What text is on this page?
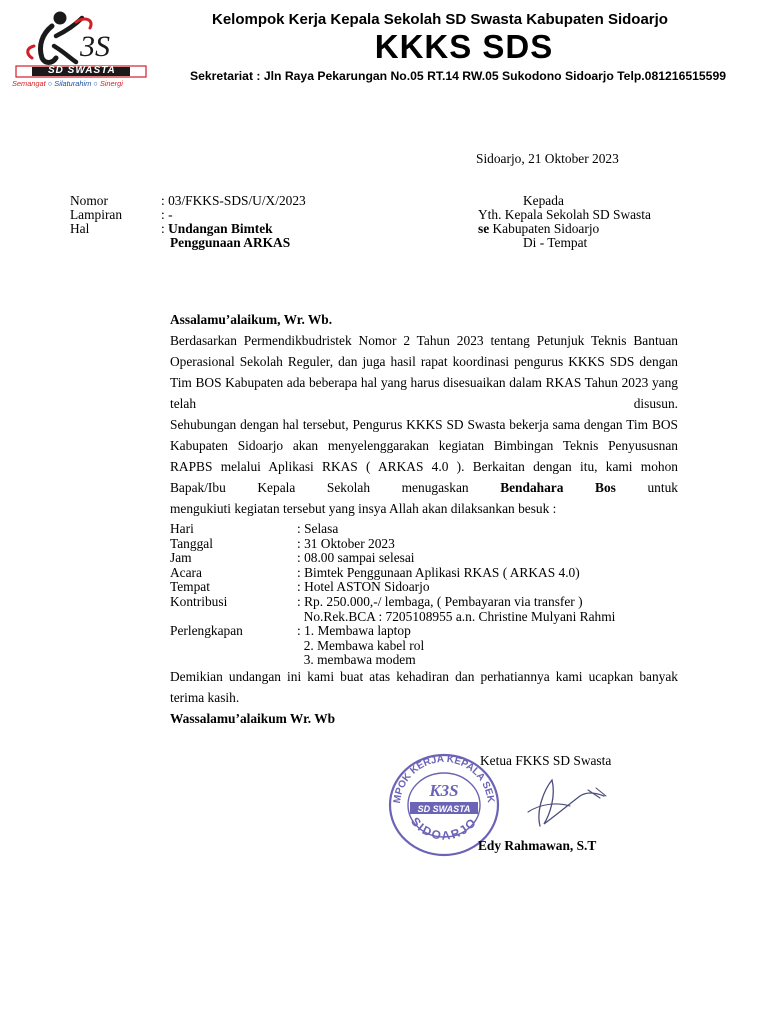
3S
SD SWASTA
Semangat ○ Silaturahim ○ Sinergi
Kelompok Kerja Kepala Sekolah SD Swasta Kabupaten Sidoarjo
KKKS SDS
Sekretariat : Jln Raya Pekarungan No.05 RT.14 RW.05 Sukodono Sidoarjo Telp.081216515599
Sidoarjo, 21 Oktober 2023
Nomor	: 03/FKKS-SDS/U/X/2023
Lampiran	: -
Hal	: Undangan Bimtek
Penggunaan ARKAS
Kepada
Yth. Kepala Sekolah SD Swasta
se Kabupaten Sidoarjo
Di - Tempat
Assalamu’alaikum, Wr. Wb.
Berdasarkan Permendikbudristek Nomor 2 Tahun 2023 tentang Petunjuk Teknis Bantuan Operasional Sekolah Reguler, dan juga hasil rapat koordinasi pengurus KKKS SDS dengan Tim BOS Kabupaten ada beberapa hal yang harus disesuaikan dalam RKAS Tahun 2023 yang telah disusun.
Sehubungan dengan hal tersebut, Pengurus KKKS SD Swasta bekerja sama dengan Tim BOS Kabupaten Sidoarjo akan menyelenggarakan kegiatan Bimbingan Teknis Penyususnan RAPBS melalui Aplikasi RKAS ( ARKAS 4.0 ). Berkaitan dengan itu, kami mohon Bapak/Ibu Kepala Sekolah menugaskan Bendahara Bos untuk
mengukiuti kegiatan tersebut yang insya Allah akan dilaksankan besuk :
Hari	: Selasa
Tanggal	: 31 Oktober 2023
Jam	: 08.00 sampai selesai
Acara	: Bimtek Penggunaan Aplikasi RKAS ( ARKAS 4.0)
Tempat	: Hotel ASTON Sidoarjo
Kontribusi	: Rp. 250.000,-/ lembaga, ( Pembayaran via transfer )
No.Rek.BCA : 7205108955 a.n. Christine Mulyani Rahmi
Perlengkapan	: 1. Membawa laptop
2. Membawa kabel rol
3. membawa modem
Demikian undangan ini kami buat atas kehadiran dan perhatiannya kami ucapkan banyak terima kasih.
Wassalamu’alaikum Wr. Wb
MPOK KERJA KEPALA SEK
SIDOARJO
K3S
SD SWASTA
Ketua FKKS SD Swasta
Edy Rahmawan, S.T
